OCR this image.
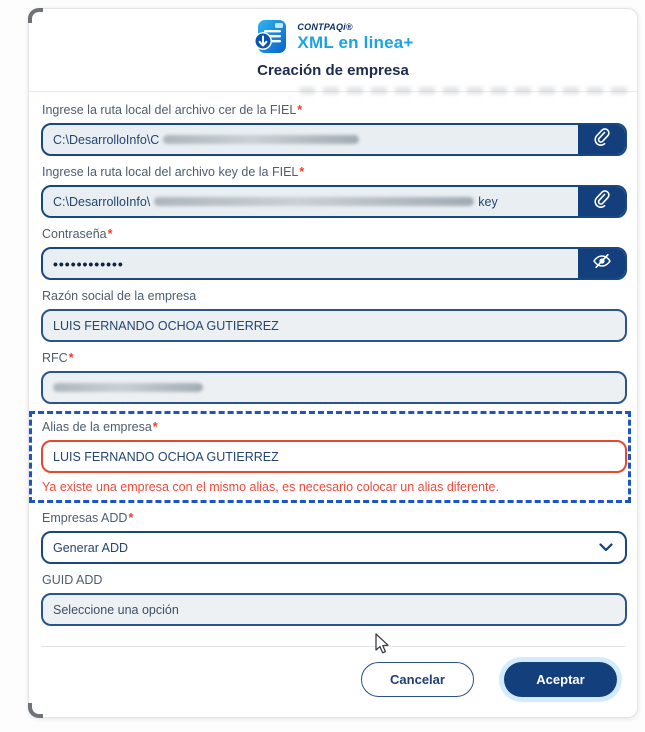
CONTPAQi®
XML en linea+
Creación de empresa
Ingrese la ruta local del archivo cer de la FIEL*
C:\DesarrolloInfo\C
Ingrese la ruta local del archivo key de la FIEL*
C:\DesarrolloInfo\	key
Contraseña*
••••••••••••
Razón social de la empresa
LUIS FERNANDO OCHOA GUTIERREZ
RFC*
Alias de la empresa*
LUIS FERNANDO OCHOA GUTIERREZ
Ya existe una empresa con el mismo alias, es necesario colocar un alias diferente.
Empresas ADD*
Generar ADD
GUID ADD
Seleccione una opción
Cancelar	Aceptar
